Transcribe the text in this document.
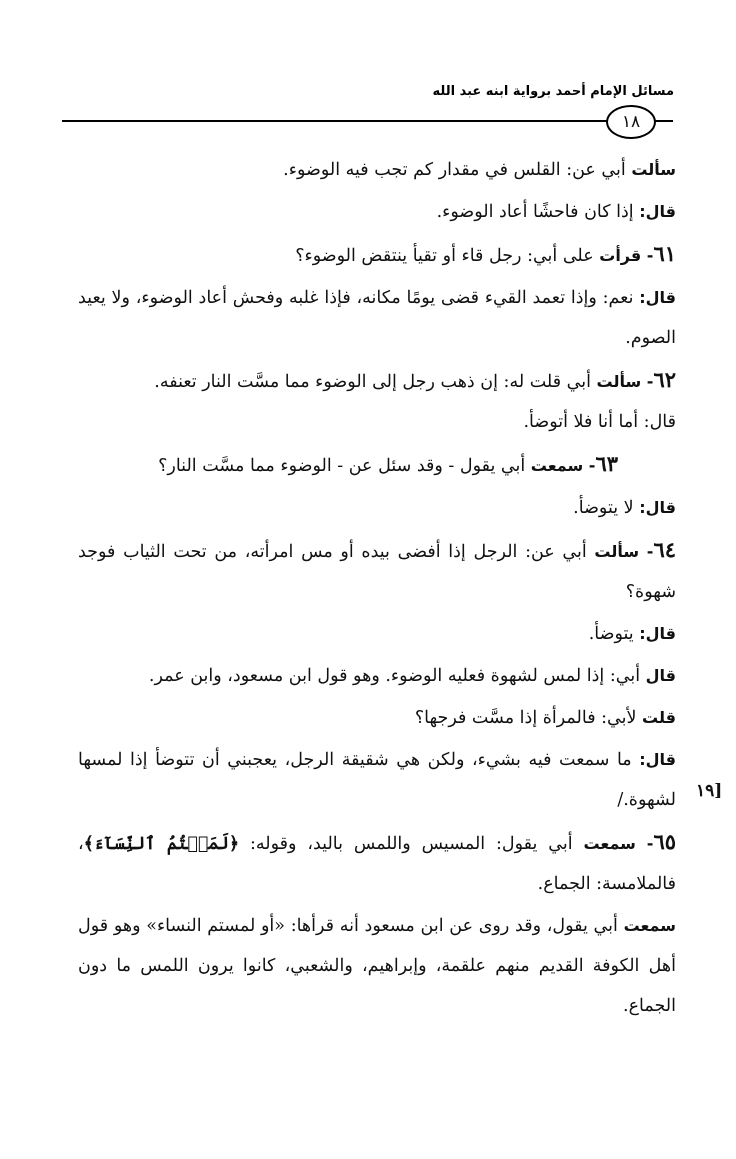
مسائل الإمام أحمد برواية ابنه عبد الله
١٨
١٩]

سألت أبي عن: القلس في مقدار كم تجب فيه الوضوء.

قال: إذا كان فاحشًا أعاد الوضوء.

٦١- قرأت على أبي: رجل قاء أو تقيأ ينتقض الوضوء؟

قال: نعم: وإذا تعمد القيء قضى يومًا مكانه، فإذا غلبه وفحش أعاد الوضوء، ولا يعيد الصوم.

٦٢- سألت أبي قلت له: إن ذهب رجل إلى الوضوء مما مسَّت النار تعنفه.
قال: أما أنا فلا أتوضأ.

٦٣- سمعت أبي يقول - وقد سئل عن - الوضوء مما مسَّت النار؟

قال: لا يتوضأ.

٦٤- سألت أبي عن: الرجل إذا أفضى بيده أو مس امرأته، من تحت الثياب فوجد شهوة؟

قال: يتوضأ.

قال أبي: إذا لمس لشهوة فعليه الوضوء. وهو قول ابن مسعود، وابن عمر.

قلت لأبي: فالمرأة إذا مسَّت فرجها؟

قال: ما سمعت فيه بشيء، ولكن هي شقيقة الرجل، يعجبني أن تتوضأ إذا لمسها لشهوة./

٦٥- سمعت أبي يقول: المسيس واللمس باليد، وقوله: ﴿لَمَسۡتُمُ ٱلنِّسَآءَ﴾، فالملامسة: الجماع.

سمعت أبي يقول، وقد روى عن ابن مسعود أنه قرأها: «أو لمستم النساء» وهو قول أهل الكوفة القديم منهم علقمة، وإبراهيم، والشعبي، كانوا يرون اللمس ما دون الجماع.
